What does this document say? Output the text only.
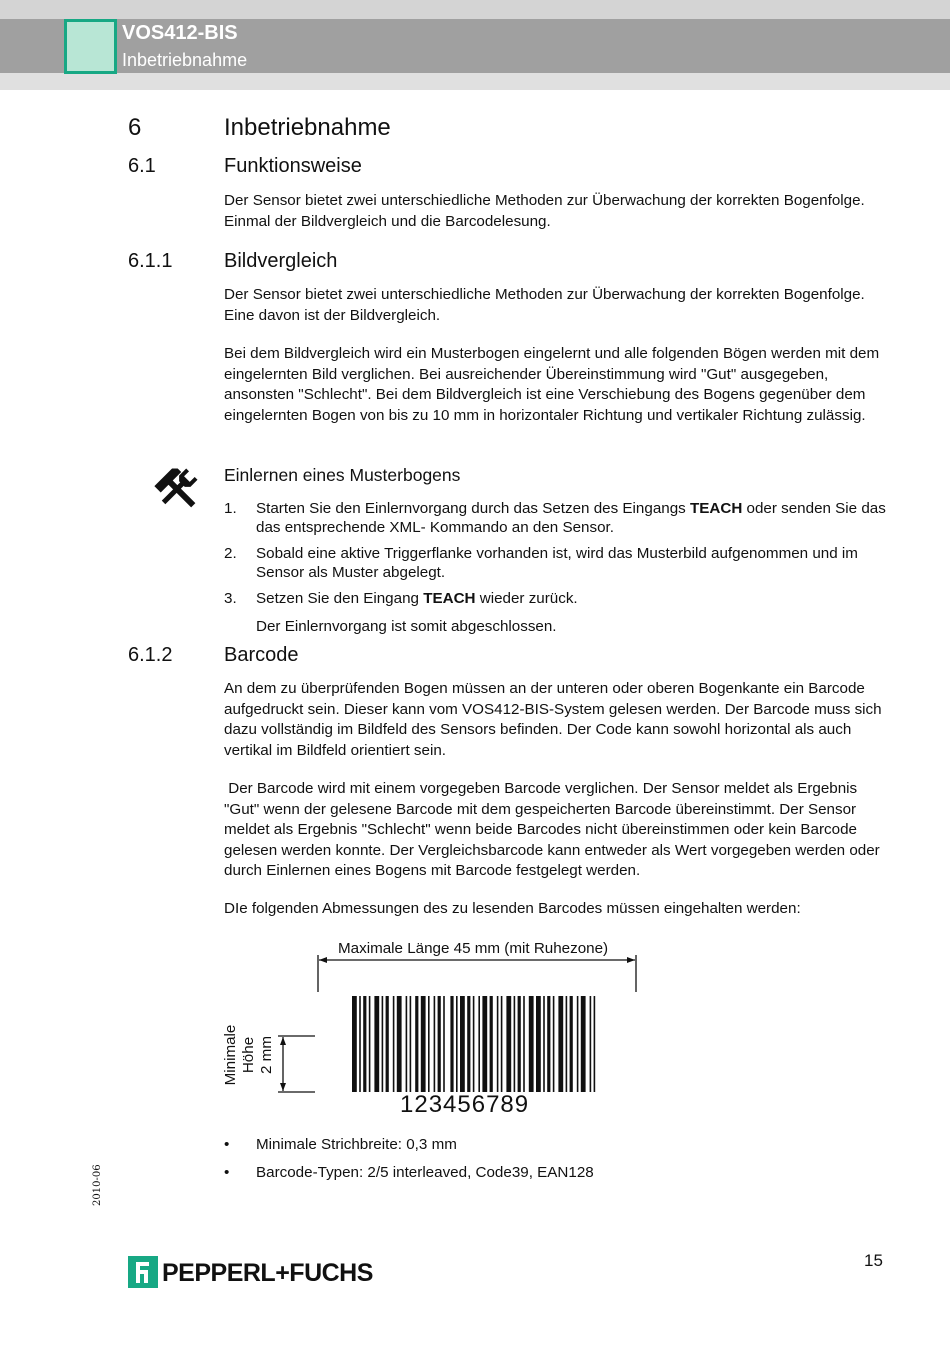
VOS412-BIS
Inbetriebnahme
6	Inbetriebnahme
6.1	Funktionsweise

Der Sensor bietet zwei unterschiedliche Methoden zur Überwachung der korrekten Bogenfolge. Einmal der Bildvergleich und die Barcodelesung.

6.1.1	Bildvergleich

Der Sensor bietet zwei unterschiedliche Methoden zur Überwachung der korrekten Bogenfolge. Eine davon ist der Bildvergleich.

Bei dem Bildvergleich wird ein Musterbogen eingelernt und alle folgenden Bögen werden mit dem eingelernten Bild verglichen. Bei ausreichender Übereinstimmung wird "Gut" ausgegeben, ansonsten "Schlecht". Bei dem Bildvergleich ist eine Verschiebung des Bogens gegenüber dem eingelernten Bogen von bis zu 10 mm in horizontaler Richtung und vertikaler Richtung zulässig.

Einlernen eines Musterbogens
1. Starten Sie den Einlernvorgang durch das Setzen des Eingangs TEACH oder senden Sie das das entsprechende XML- Kommando an den Sensor.
2. Sobald eine aktive Triggerflanke vorhanden ist, wird das Musterbild aufgenommen und im Sensor als Muster abgelegt.
3. Setzen Sie den Eingang TEACH wieder zurück.
Der Einlernvorgang ist somit abgeschlossen.
6.1.2	Barcode

An dem zu überprüfenden Bogen müssen an der unteren oder oberen Bogenkante ein Barcode aufgedruckt sein. Dieser kann vom VOS412-BIS-System gelesen werden. Der Barcode muss sich dazu vollständig im Bildfeld des Sensors befinden. Der Code kann sowohl horizontal als auch vertikal im Bildfeld orientiert sein.

Der Barcode wird mit einem vorgegeben Barcode verglichen. Der Sensor meldet als Ergebnis "Gut" wenn der gelesene Barcode mit dem gespeicherten Barcode übereinstimmt. Der Sensor meldet als Ergebnis "Schlecht" wenn beide Barcodes nicht übereinstimmen oder kein Barcode gelesen werden konnte. Der Vergleichsbarcode kann entweder als Wert vorgegeben werden oder durch Einlernen eines Bogens mit Barcode festgelegt werden.

DIe folgenden Abmessungen des zu lesenden Barcodes müssen eingehalten werden:

Maximale Länge 45 mm (mit Ruhezone)
Minimale Höhe 2 mm
123456789
• Minimale Strichbreite: 0,3 mm
• Barcode-Typen: 2/5 interleaved, Code39, EAN128
2010-06
15
PEPPERL+FUCHS
